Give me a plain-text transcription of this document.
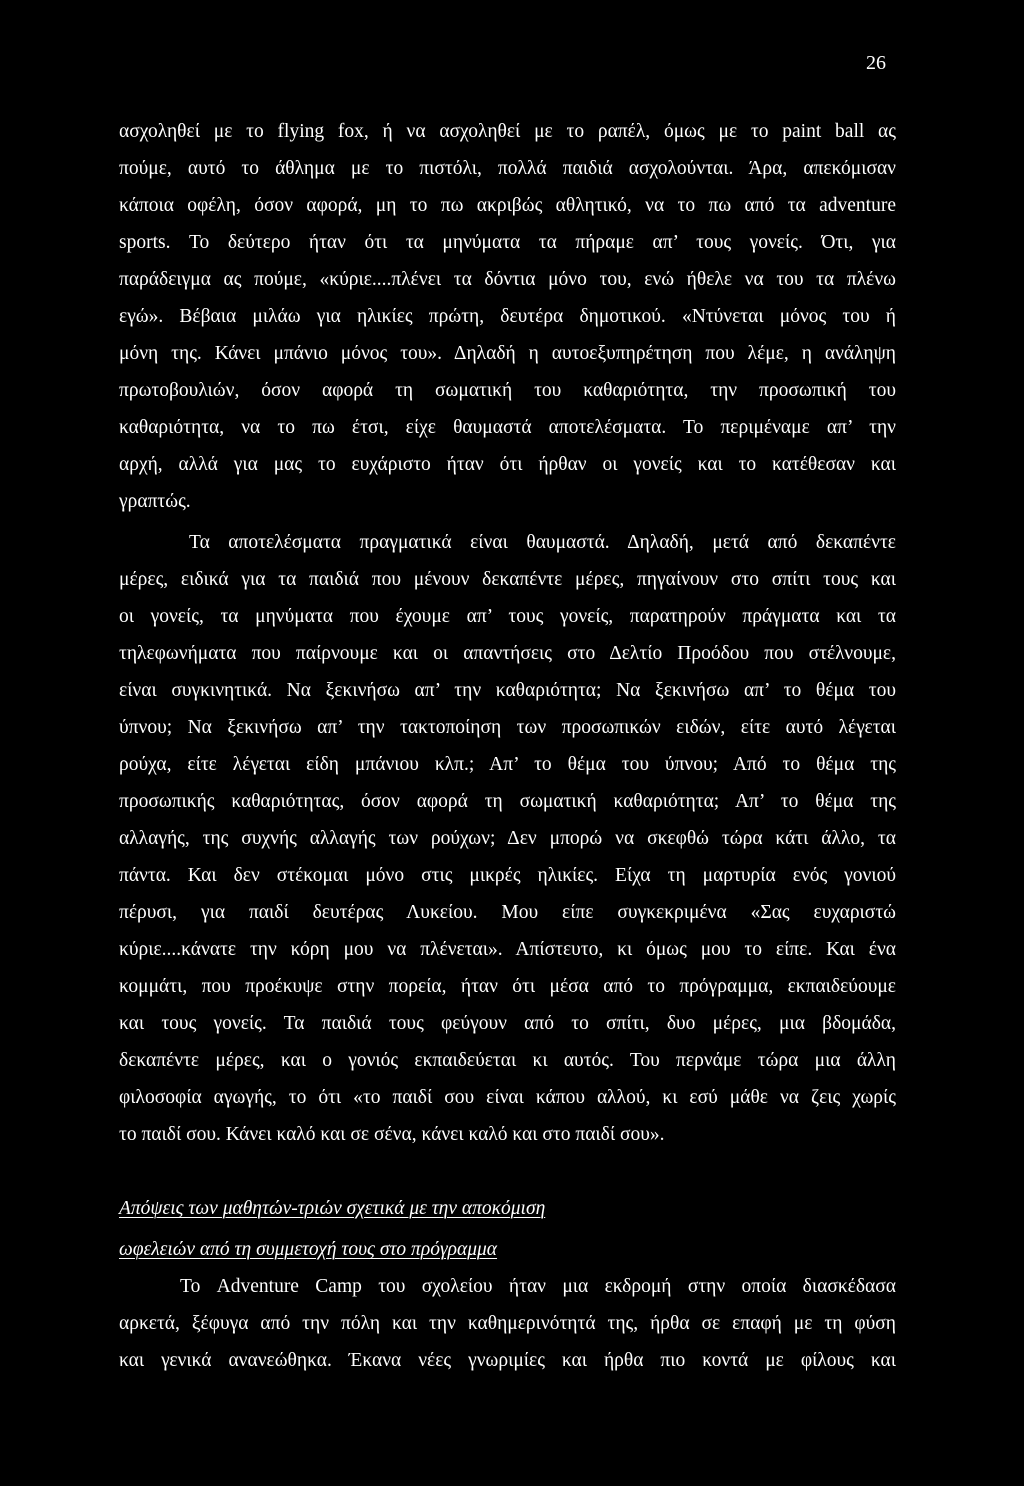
26
ασχοληθεί με το flying fox, ή να ασχοληθεί με το ραπέλ, όμως με το paint ball ας
πούμε, αυτό το άθλημα με το πιστόλι, πολλά παιδιά ασχολούνται. Άρα, απεκόμισαν
κάποια οφέλη, όσον αφορά, μη το πω ακριβώς αθλητικό, να το πω από τα adventure
sports. Το δεύτερο ήταν ότι τα μηνύματα τα πήραμε απ’ τους γονείς. Ότι, για
παράδειγμα ας πούμε, «κύριε....πλένει τα δόντια μόνο του, ενώ ήθελε να του τα πλένω
εγώ». Βέβαια μιλάω για ηλικίες πρώτη, δευτέρα δημοτικού. «Ντύνεται μόνος του ή
μόνη της. Κάνει μπάνιο μόνος του». Δηλαδή η αυτοεξυπηρέτηση που λέμε, η ανάληψη
πρωτοβουλιών, όσον αφορά τη σωματική του καθαριότητα, την προσωπική του
καθαριότητα, να το πω έτσι, είχε θαυμαστά αποτελέσματα. Το περιμέναμε απ’ την
αρχή, αλλά για μας το ευχάριστο ήταν ότι ήρθαν οι γονείς και το κατέθεσαν και
γραπτώς.
Τα αποτελέσματα πραγματικά είναι θαυμαστά. Δηλαδή, μετά από δεκαπέντε
μέρες, ειδικά για τα παιδιά που μένουν δεκαπέντε μέρες, πηγαίνουν στο σπίτι τους και
οι γονείς, τα μηνύματα που έχουμε απ’ τους γονείς, παρατηρούν πράγματα και τα
τηλεφωνήματα που παίρνουμε και οι απαντήσεις στο Δελτίο Προόδου που στέλνουμε,
είναι συγκινητικά. Να ξεκινήσω απ’ την καθαριότητα; Να ξεκινήσω απ’ το θέμα του
ύπνου; Να ξεκινήσω απ’ την τακτοποίηση των προσωπικών ειδών, είτε αυτό λέγεται
ρούχα, είτε λέγεται είδη μπάνιου κλπ.; Απ’ το θέμα του ύπνου; Από το θέμα της
προσωπικής καθαριότητας, όσον αφορά τη σωματική καθαριότητα; Απ’ το θέμα της
αλλαγής, της συχνής αλλαγής των ρούχων; Δεν μπορώ να σκεφθώ τώρα κάτι άλλο, τα
πάντα. Και δεν στέκομαι μόνο στις μικρές ηλικίες. Είχα τη μαρτυρία ενός γονιού
πέρυσι, για παιδί δευτέρας Λυκείου. Μου είπε συγκεκριμένα «Σας ευχαριστώ
κύριε....κάνατε την κόρη μου να πλένεται». Απίστευτο, κι όμως μου το είπε. Και ένα
κομμάτι, που προέκυψε στην πορεία, ήταν ότι μέσα από το πρόγραμμα, εκπαιδεύουμε
και τους γονείς. Τα παιδιά τους φεύγουν από το σπίτι, δυο μέρες, μια βδομάδα,
δεκαπέντε μέρες, και ο γονιός εκπαιδεύεται κι αυτός. Του περνάμε τώρα μια άλλη
φιλοσοφία αγωγής, το ότι «το παιδί σου είναι κάπου αλλού, κι εσύ μάθε να ζεις χωρίς
το παιδί σου. Κάνει καλό και σε σένα, κάνει καλό και στο παιδί σου».
Απόψεις των μαθητών-τριών σχετικά με την αποκόμιση
ωφελειών από τη συμμετοχή τους στο πρόγραμμα
Το Adventure Camp του σχολείου ήταν μια εκδρομή στην οποία διασκέδασα
αρκετά, ξέφυγα από την πόλη και την καθημερινότητά της, ήρθα σε επαφή με τη φύση
και γενικά ανανεώθηκα. Έκανα νέες γνωριμίες και ήρθα πιο κοντά με φίλους και
